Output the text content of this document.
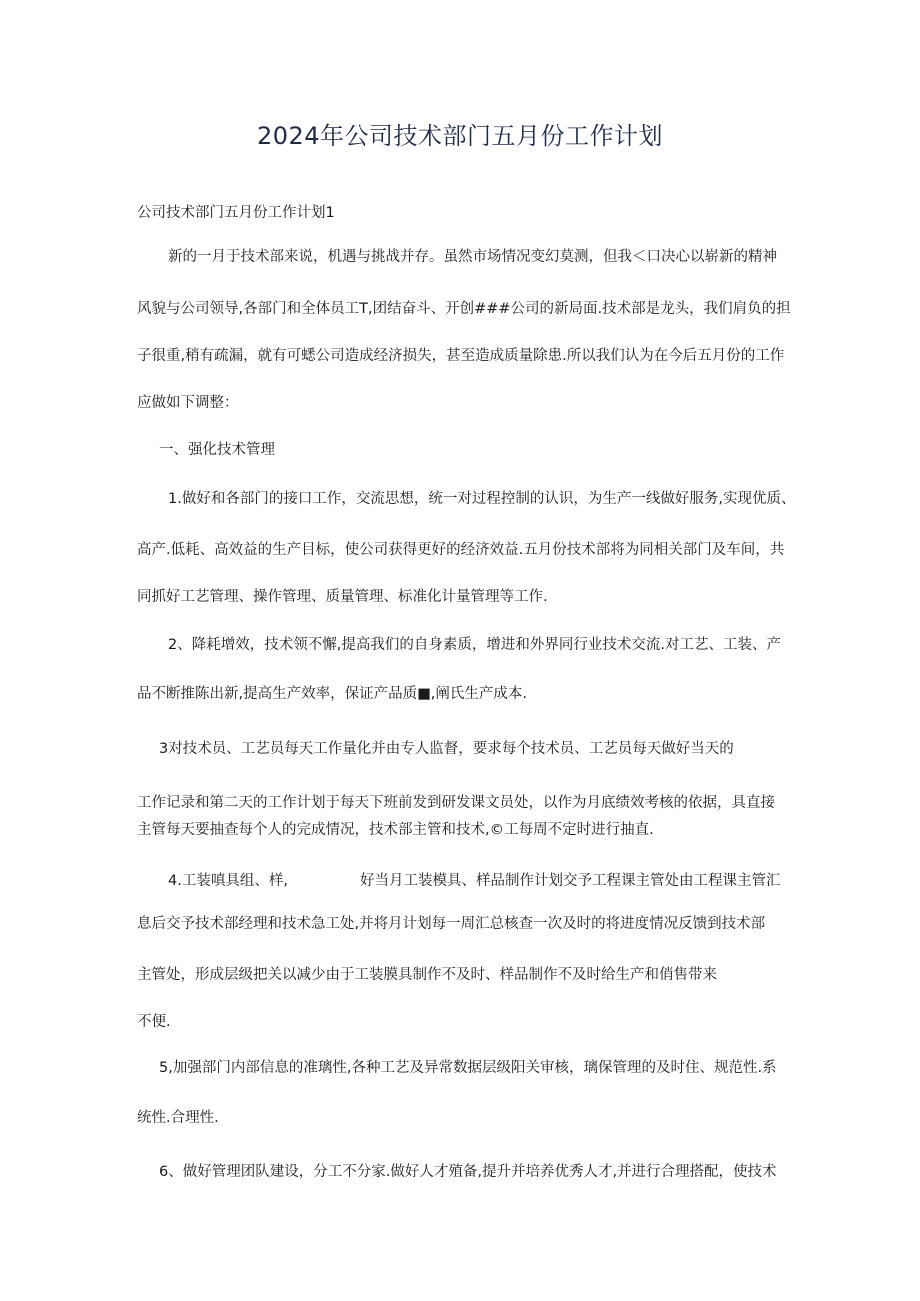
2024年公司技术部门五月份工作计划
公司技术部门五月份工作计划1
新的一月于技术部来说，机遇与挑战并存。虽然市场情况变幻莫测，但我＜口决心以崭新的精神
风貌与公司领导,各部门和全体员工T,团结奋斗、开创###公司的新局面.技术部是龙头，我们肩负的担
子很重,稍有疏漏，就有可蟋公司造成经济损失，甚至造成质量除患.所以我们认为在今后五月份的工作
应做如下调整：
一、强化技术管理
1.做好和各部门的接口工作，交流思想，统一对过程控制的认识，为生产一线做好服务,实现优质、
高产.低耗、高效益的生产目标，使公司获得更好的经济效益.五月份技术部将为同相关部门及车间，共
同抓好工艺管理、操作管理、质量管理、标准化计量管理等工作.
2、降耗增效，技术领不懈,提高我们的自身素质，增进和外界同行业技术交流.对工艺、工装、产
品不断推陈出新,提高生产效率，保证产品质■,阐氏生产成本.
3对技术员、工艺员每天工作量化并由专人监督，要求每个技术员、工艺员每天做好当天的
工作记录和第二天的工作计划于每天下班前发到研发课文员处，以作为月底绩效考核的依据，具直接
主管每天要抽查每个人的完成情况，技术部主管和技术,©工每周不定时进行抽直.
4.工装嗔具组、样,	好当月工装模具、样品制作计划交予工程课主管处由工程课主管汇
息后交予技术部经理和技术急工处,并将月计划每一周汇总核查一次及时的将进度情况反馈到技术部
主管处，形成层级把关以减少由于工装膜具制作不及时、样品制作不及时给生产和俏售带来
不便.
5,加强部门内部信息的准璃性,各种工艺及异常数据层级阳关审核，璃保管理的及时住、规范性.系
统性.合理性.
6、做好管理团队建设，分工不分家.做好人才殖备,提升并培养优秀人才,并进行合理搭配，使技术
